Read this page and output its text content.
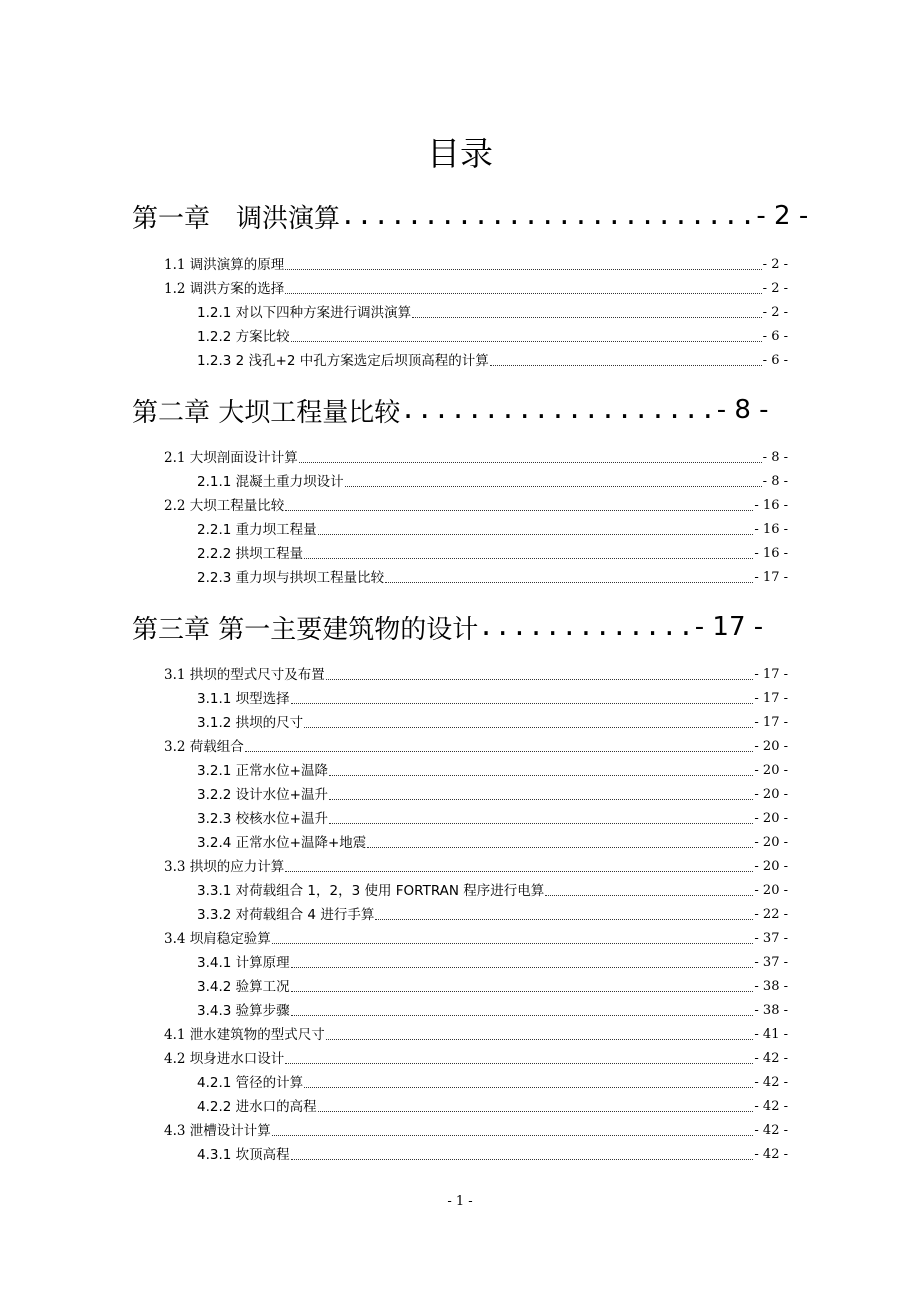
目录
第一章　调洪演算 ......................... - 2 -
1.1 调洪演算的原理	- 2 -
1.2 调洪方案的选择	- 2 -
1.2.1 对以下四种方案进行调洪演算	- 2 -
1.2.2 方案比较	- 6 -
1.2.3 2 浅孔+2 中孔方案选定后坝顶高程的计算	- 6 -
第二章 大坝工程量比较 ................... - 8 -
2.1 大坝剖面设计计算	- 8 -
2.1.1 混凝土重力坝设计	- 8 -
2.2 大坝工程量比较	- 16 -
2.2.1 重力坝工程量	- 16 -
2.2.2 拱坝工程量	- 16 -
2.2.3 重力坝与拱坝工程量比较	- 17 -
第三章 第一主要建筑物的设计 ............. - 17 -
3.1 拱坝的型式尺寸及布置	- 17 -
3.1.1 坝型选择	- 17 -
3.1.2 拱坝的尺寸	- 17 -
3.2 荷载组合	- 20 -
3.2.1 正常水位+温降	- 20 -
3.2.2 设计水位+温升	- 20 -
3.2.3 校核水位+温升	- 20 -
3.2.4 正常水位+温降+地震	- 20 -
3.3 拱坝的应力计算	- 20 -
3.3.1 对荷载组合 1，2，3 使用 FORTRAN 程序进行电算	- 20 -
3.3.2 对荷载组合 4 进行手算	- 22 -
3.4 坝肩稳定验算	- 37 -
3.4.1 计算原理	- 37 -
3.4.2 验算工况	- 38 -
3.4.3 验算步骤	- 38 -
4.1 泄水建筑物的型式尺寸	- 41 -
4.2 坝身进水口设计	- 42 -
4.2.1 管径的计算	- 42 -
4.2.2 进水口的高程	- 42 -
4.3 泄槽设计计算	- 42 -
4.3.1 坎顶高程	- 42 -
- 1 -
